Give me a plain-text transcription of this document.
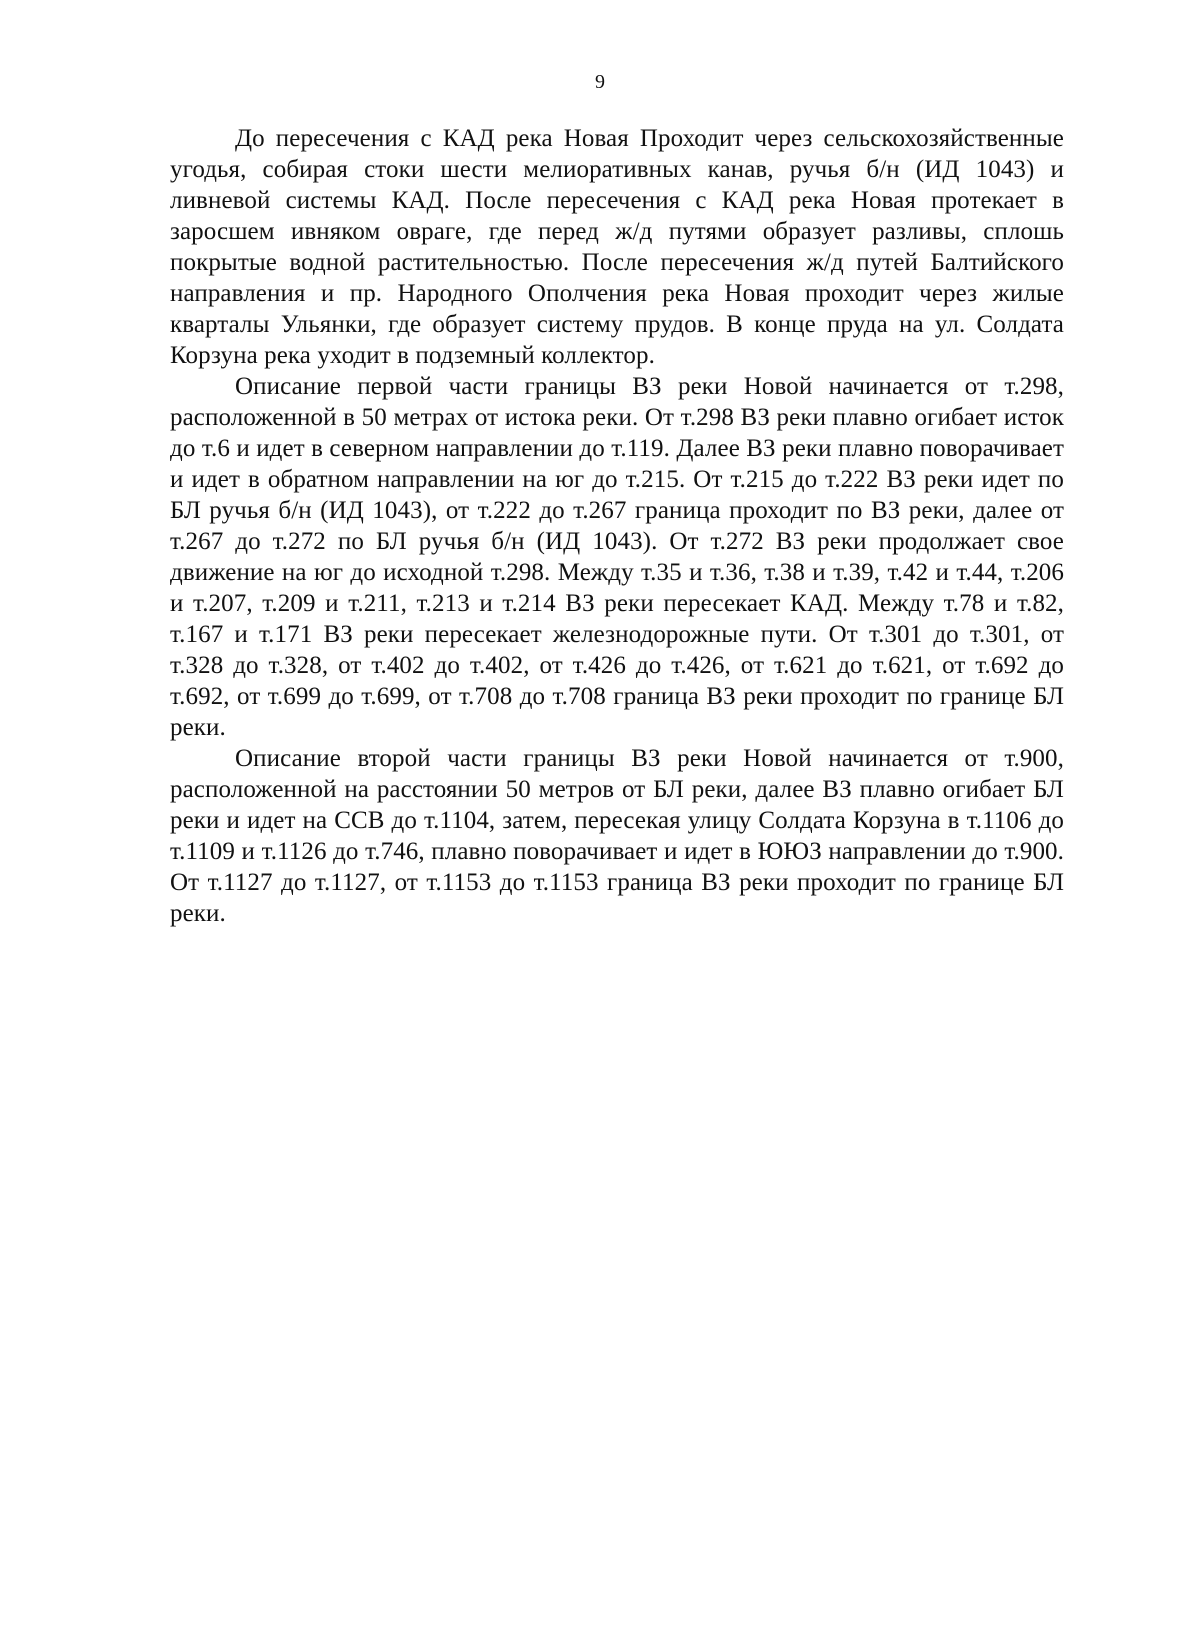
9

До пересечения с КАД река Новая Проходит через сельскохозяйственные угодья, собирая стоки шести мелиоративных канав, ручья б/н (ИД 1043) и ливневой системы КАД. После пересечения с КАД река Новая протекает в заросшем ивняком овраге, где перед ж/д путями образует разливы, сплошь покрытые водной растительностью. После пересечения ж/д путей Балтийского направления и пр. Народного Ополчения река Новая проходит через жилые кварталы Ульянки, где образует систему прудов. В конце пруда на ул. Солдата Корзуна река уходит в подземный коллектор.

Описание первой части границы ВЗ реки Новой начинается от т.298, расположенной в 50 метрах от истока реки. От т.298 ВЗ реки плавно огибает исток до т.6 и идет в северном направлении до т.119. Далее ВЗ реки плавно поворачивает и идет в обратном направлении на юг до т.215. От т.215 до т.222 ВЗ реки идет по БЛ ручья б/н (ИД 1043), от т.222 до т.267 граница проходит по ВЗ реки, далее от т.267 до т.272 по БЛ ручья б/н (ИД 1043). От т.272 ВЗ реки продолжает свое движение на юг до исходной т.298. Между т.35 и т.36, т.38 и т.39, т.42 и т.44, т.206 и т.207, т.209 и т.211, т.213 и т.214 ВЗ реки пересекает КАД. Между т.78 и т.82, т.167 и т.171 ВЗ реки пересекает железнодорожные пути. От т.301 до т.301, от т.328 до т.328, от т.402 до т.402, от т.426 до т.426, от т.621 до т.621, от т.692 до т.692, от т.699 до т.699, от т.708 до т.708 граница ВЗ реки проходит по границе БЛ реки.

Описание второй части границы ВЗ реки Новой начинается от т.900, расположенной на расстоянии 50 метров от БЛ реки, далее ВЗ плавно огибает БЛ реки и идет на ССВ до т.1104, затем, пересекая улицу Солдата Корзуна в т.1106 до т.1109 и т.1126 до т.746, плавно поворачивает и идет в ЮЮЗ направлении до т.900. От т.1127 до т.1127, от т.1153 до т.1153 граница ВЗ реки проходит по границе БЛ реки.
